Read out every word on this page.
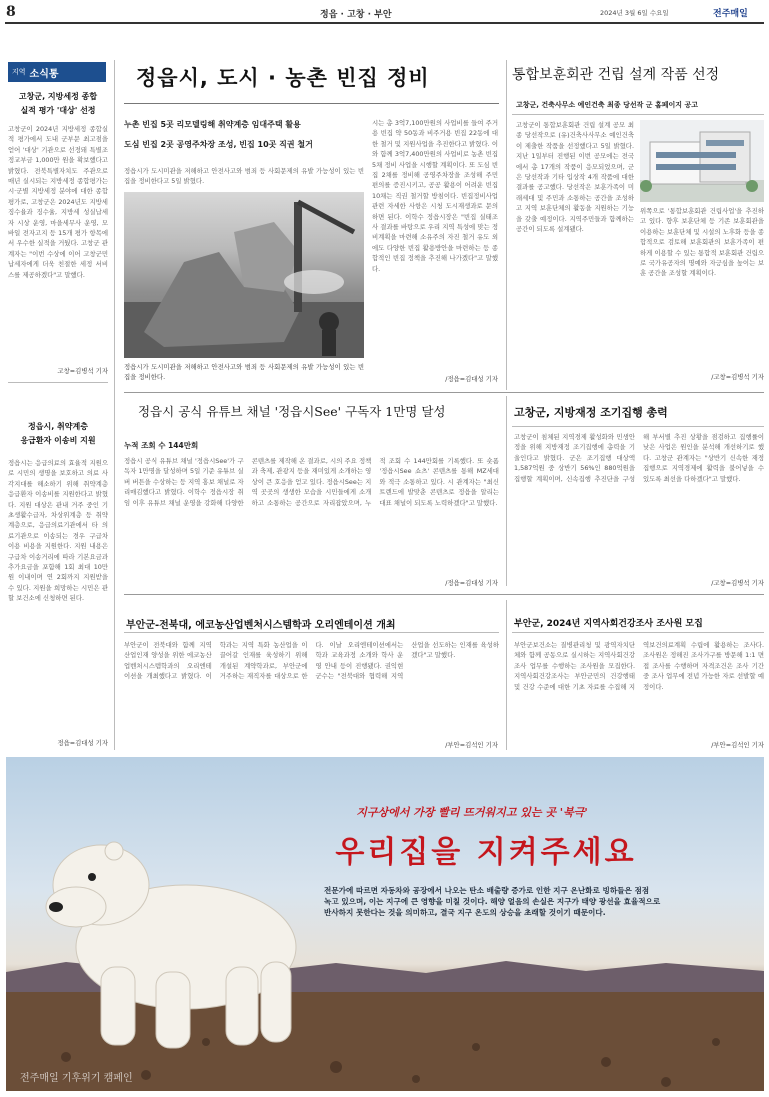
8	정읍 · 고창 · 부안	2024년 3월 6일 수요일	전주매일
지역 소식통
고창군, 지방세정 종합
실적 평가 '대상' 선정
고창군이 2024년 지방세정 종합실적 평가에서 도내 군부문 최고점을 얻어 '대상' 기관으로 선정돼 특별조정교부금 1,000만 원을 확보했다고 밝혔다. 전북특별자치도 주관으로 매년 실시되는 지방세정 종합평가는 시·군별 지방세정 분야에 대한 종합평가로, 고창군은 2024년도 지방세 징수율과 징수율, 지방세 성실납세자 시상 운영, 마을세무사 운영, 모바일 전자고지 등 15개 평가 항목에서 우수한 실적을 거뒀다. 고창군 관계자는 "이번 수상에 이어 고창군민 납세자에게 더욱 친절한 세정 서비스를 제공하겠다"고 말했다.
고창=김병석 기자
정읍시, 취약계층
응급환자 이송비 지원
정읍시는 응급의료의 효율적 지원으로 시민의 생명을 보호하고 의료 사각지대를 해소하기 위해 취약계층 응급환자 이송비를 지원한다고 밝혔다. 지원 대상은 관내 거주 중인 기초생활수급자, 차상위계층 등 취약계층으로, 응급의료기관에서 타 의료기관으로 이송되는 경우 구급차 이용 비용을 지원한다. 지원 내용은 구급차 이송거리에 따라 기본요금과 추가요금을 포함해 1회 최대 10만원 이내이며 연 2회까지 지원받을 수 있다. 지원을 희망하는 시민은 관할 보건소에 신청하면 된다.
정읍=김대성 기자
정읍시, 도시 · 농촌 빈집 정비
누촌 빈집 5곳 리모델링해 취약계층 임대주택 활용
도심 빈집 2곳 공영주차장 조성, 빈집 10곳 직권 철거
정읍시가 도시미관을 저해하고 안전사고와 범죄 등 사회문제의 유발 가능성이 있는 빈집을 정비한다고 5일 밝혔다.
정읍시가 도시미관을 저해하고 안전사고와 범죄 등 사회문제의 유발 가능성이 있는 빈집을 정비한다.
시는 총 3억7,100만원의 사업비를 들여 주거용 빈집 약 50동과 비주거용 빈집 22동에 대한 철거 및 지원사업을 추진한다고 밝혔다. 이와 함께 3억7,400만원의 사업비로 농촌 빈집 5채 정비 사업을 시행할 계획이다. 또 도심 빈집 2채를 정비해 공영주차장을 조성해 주민 편의를 증진시키고, 공공 활용이 어려운 빈집 10채는 직권 철거할 방침이다. 빈집정비사업 관련 자세한 사항은 시청 도시재생과로 문의하면 된다. 이학수 정읍시장은 "빈집 실태조사 결과를 바탕으로 우리 지역 특성에 맞는 정비계획을 마련해 소유주의 자진 철거 유도 외에도 다양한 빈집 활용방안을 마련하는 등 종합적인 빈집 정책을 추진해 나가겠다"고 말했다.
/정읍=김대성 기자
통합보훈회관 건립 설계 작품 선정
고창군, 건축사무소 예인건축 최종 당선작 군 홈페이지 공고
고창군이 통합보훈회관 건립 설계 공모 최종 당선작으로 (유)건축사사무소 예인건축이 제출한 작품을 선정했다고 5일 밝혔다. 지난 1일부터 진행된 이번 공모에는 전국에서 총 17개의 작품이 응모되었으며, 군은 당선작과 기타 입상작 4개 작품에 대한 결과를 공고했다. 당선작은 보훈가족이 미래세대 및 주민과 소통하는 공간을 조성하고 지역 보훈단체의 활동을 지원하는 기능을 갖출 예정이다. 지역주민들과 함께하는 공간이 되도록 설계됐다.
위쪽으로 '통합보훈회관 건립사업'을 추진하고 있다. 향후 보훈단체 등 기존 보훈회관을 이용하는 보훈단체 및 시설의 노후화 등을 종합적으로 검토해 보훈회관의 보훈가족이 편하게 이용할 수 있는 통합적 보훈회관 건립으로 국가유공자의 명예와 자긍심을 높이는 보훈 공간을 조성할 계획이다.
/고창=김병석 기자
정읍시 공식 유튜브 채널 '정읍시See' 구독자 1만명 달성
누적 조회 수 144만회
정읍시 공식 유튜브 채널 '정읍시See'가 구독자 1만명을 달성하며 5일 기준 유튜브 실버 버튼을 수상하는 등 지역 홍보 채널로 자리매김했다고 밝혔다. 이학수 정읍시장 취임 이후 유튜브 채널 운영을 강화해 다양한 콘텐츠를 제작해 온 결과로, 시의 주요 정책과 축제, 관광지 등을 재미있게 소개하는 영상이 큰 호응을 얻고 있다. 정읍시See는 지역 곳곳의 생생한 모습을 시민들에게 소개하고 소통하는 공간으로 자리잡았으며, 누적 조회 수 144만회를 기록했다. 또 숏폼 '정읍시See 쇼츠' 콘텐츠를 통해 MZ세대와 적극 소통하고 있다. 시 관계자는 "최신 트렌드에 발맞춘 콘텐츠로 정읍을 알리는 대표 채널이 되도록 노력하겠다"고 말했다.
/정읍=김대성 기자
고창군, 지방재정 조기집행 총력
고창군이 침체된 지역경제 활성화와 민생안정을 위해 지방재정 조기집행에 총력을 기울인다고 밝혔다. 군은 조기집행 대상액 1,587억원 중 상반기 56%인 880억원을 집행할 계획이며, 신속집행 추진단을 구성해 부서별 추진 상황을 점검하고 집행률이 낮은 사업은 원인을 분석해 개선하기로 했다. 고창군 관계자는 "상반기 신속한 재정 집행으로 지역경제에 활력을 불어넣을 수 있도록 최선을 다하겠다"고 말했다.
/고창=김병석 기자
부안군-전북대, 에코농산업벤처시스템학과 오리엔테이션 개최
부안군이 전북대와 함께 지역 산업인재 양성을 위한 에코농산업벤처시스템학과의 오리엔테이션을 개최했다고 밝혔다. 이 학과는 지역 특화 농산업을 이끌어갈 인재를 육성하기 위해 개설된 계약학과로, 부안군에 거주하는 재직자를 대상으로 한다. 이날 오리엔테이션에서는 학과 교육과정 소개와 학사 운영 안내 등이 진행됐다. 권익현 군수는 "전북대와 협력해 지역산업을 선도하는 인재를 육성하겠다"고 말했다.
/부안=김석인 기자
부안군, 2024년 지역사회건강조사 조사원 모집
부안군보건소는 질병관리청 및 광역자치단체와 함께 공동으로 실시하는 지역사회건강조사 업무를 수행하는 조사원을 모집한다. 지역사회건강조사는 부안군민의 건강행태 및 건강 수준에 대한 기초 자료를 수집해 지역보건의료계획 수립에 활용하는 조사다. 조사원은 정해진 조사가구를 방문해 1:1 면접 조사를 수행하며 자격조건은 조사 기간 중 조사 업무에 전념 가능한 자로 선발할 예정이다.
/부안=김석인 기자
지구상에서 가장 빨리 뜨거워지고 있는 곳 '북극'
우리집을 지켜주세요
전문가에 따르면 자동차와 공장에서 나오는 탄소 배출량 증가로 인한 지구 온난화로 빙하들은 점점
녹고 있으며, 이는 지구에 큰 영향을 미칠 것이다. 해양 얼음의 손실은 지구가 태양 광선을 효율적으로
반사하지 못한다는 것을 의미하고, 결국 지구 온도의 상승을 초래할 것이기 때문이다.
전주매일 기후위기 캠페인
